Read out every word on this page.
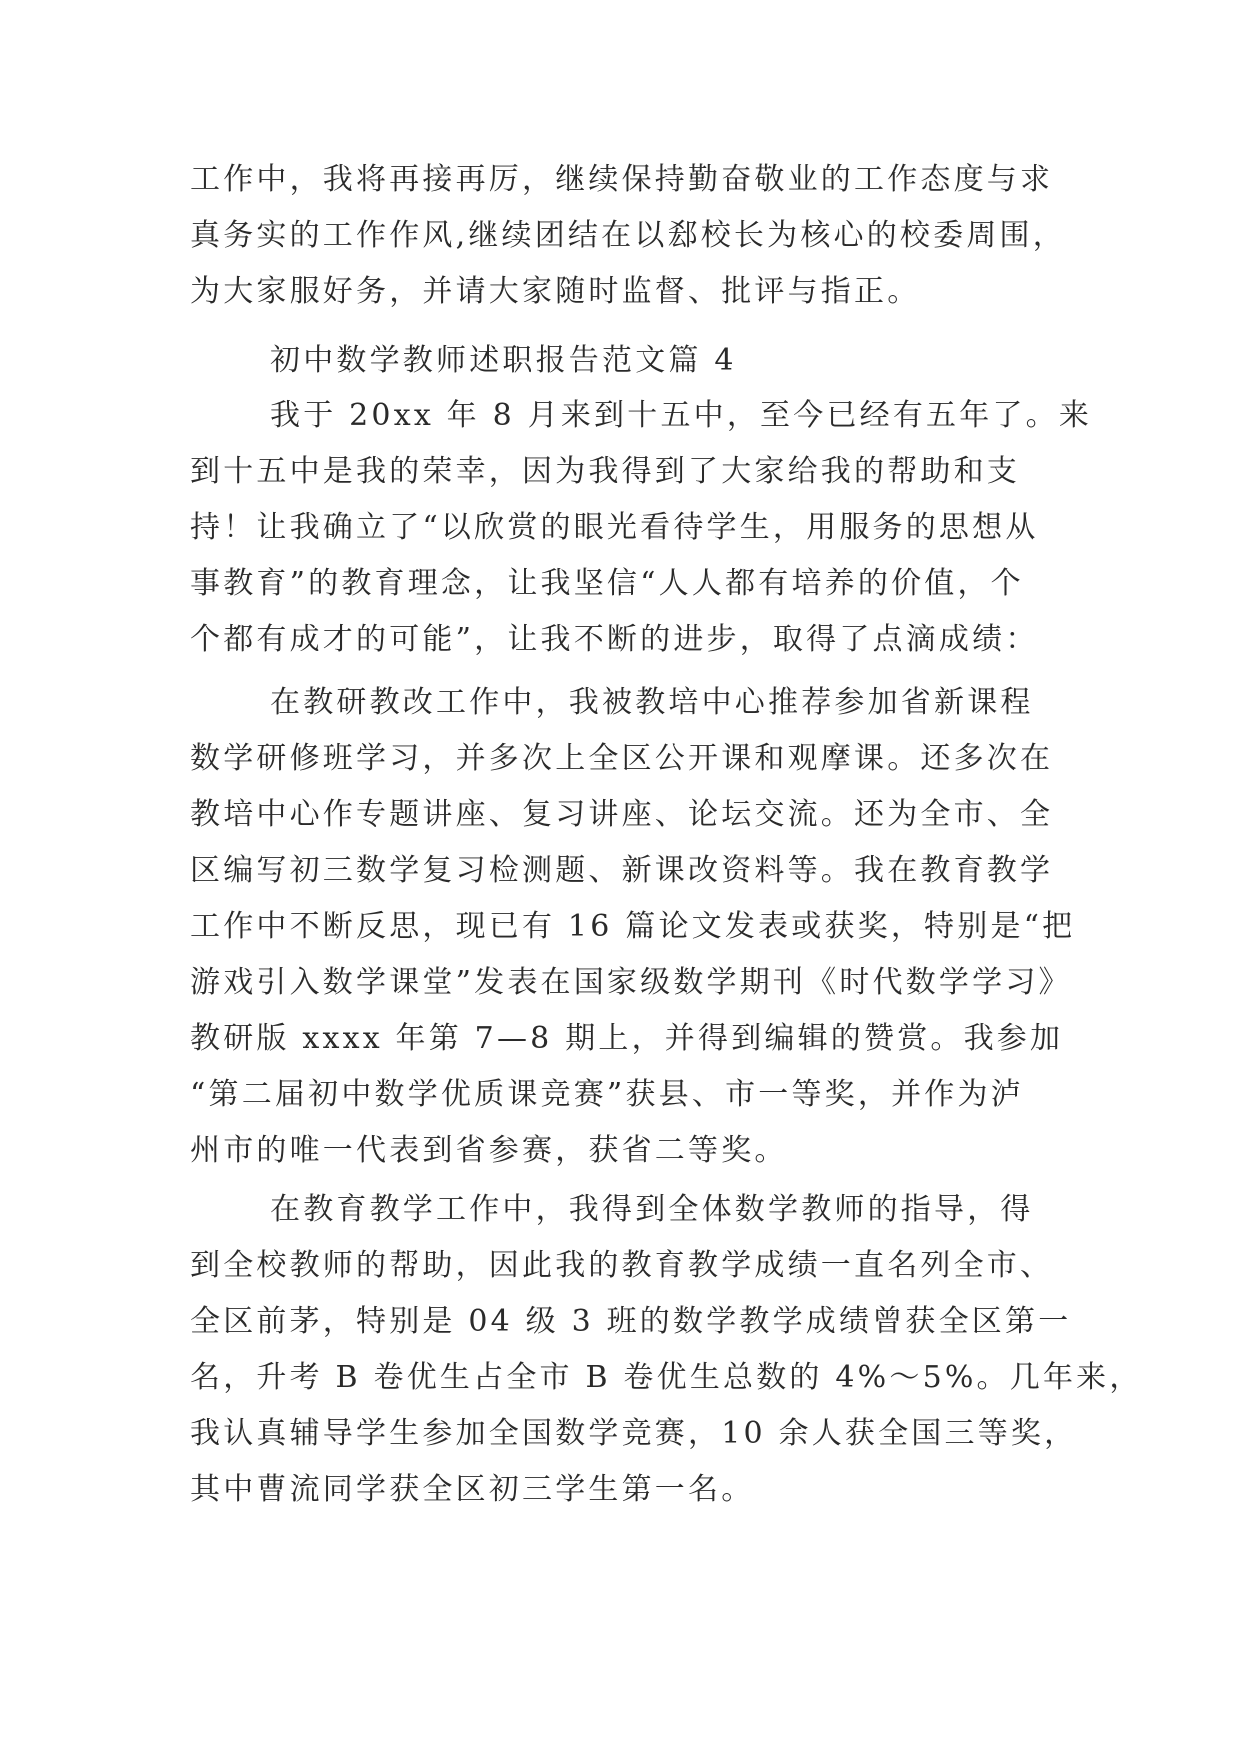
工作中，我将再接再厉，继续保持勤奋敬业的工作态度与求
真务实的工作作风,继续团结在以郄校长为核心的校委周围，
为大家服好务，并请大家随时监督、批评与指正。
初中数学教师述职报告范文篇 4
我于 20xx 年 8 月来到十五中，至今已经有五年了。来
到十五中是我的荣幸，因为我得到了大家给我的帮助和支
持！让我确立了“以欣赏的眼光看待学生，用服务的思想从
事教育”的教育理念，让我坚信“人人都有培养的价值，个
个都有成才的可能”，让我不断的进步，取得了点滴成绩：
在教研教改工作中，我被教培中心推荐参加省新课程
数学研修班学习，并多次上全区公开课和观摩课。还多次在
教培中心作专题讲座、复习讲座、论坛交流。还为全市、全
区编写初三数学复习检测题、新课改资料等。我在教育教学
工作中不断反思，现已有 16 篇论文发表或获奖，特别是“把
游戏引入数学课堂”发表在国家级数学期刊《时代数学学习》
教研版 xxxx 年第 7—8 期上，并得到编辑的赞赏。我参加
“第二届初中数学优质课竞赛”获县、市一等奖，并作为泸
州市的唯一代表到省参赛，获省二等奖。
在教育教学工作中，我得到全体数学教师的指导，得
到全校教师的帮助，因此我的教育教学成绩一直名列全市、
全区前茅，特别是 04 级 3 班的数学教学成绩曾获全区第一
名，升考 B 卷优生占全市 B 卷优生总数的 4%～5%。几年来，
我认真辅导学生参加全国数学竞赛，10 余人获全国三等奖，
其中曹流同学获全区初三学生第一名。
